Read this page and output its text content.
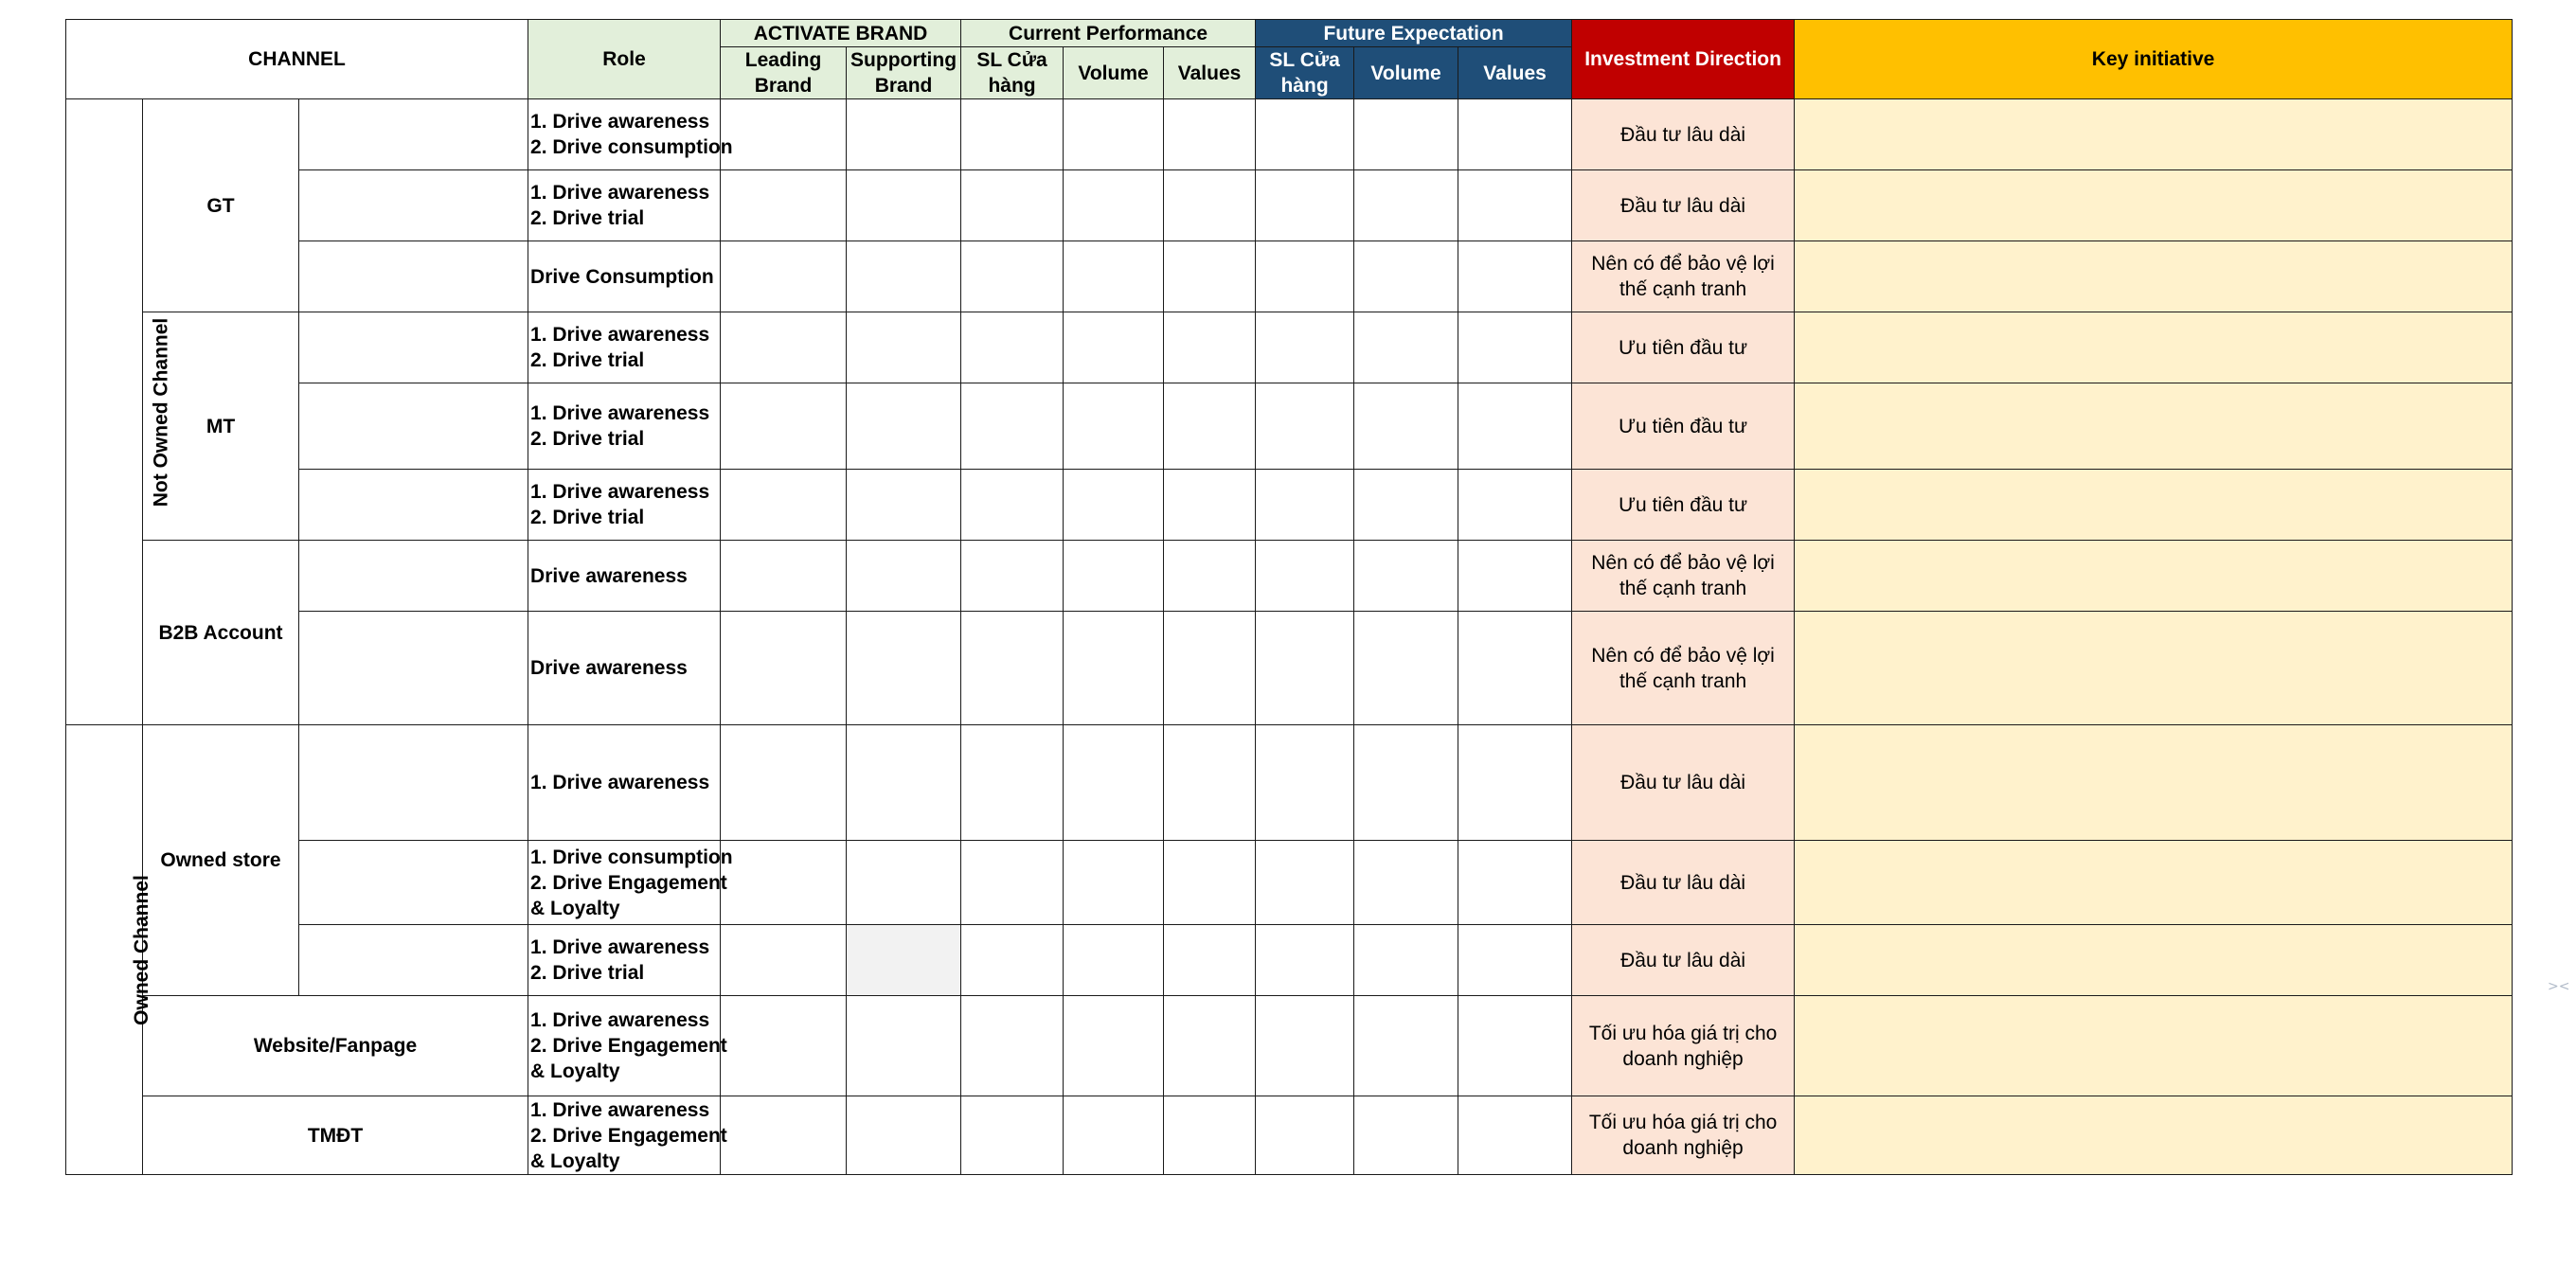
CHANNEL			Role	ACTIVATE BRAND		Current Performance			Future Expectation			Investment Direction	Key initiative
				Leading Brand	Supporting Brand	SL Cửa hàng	Volume	Values	SL Cửa hàng	Volume	Values		
Not Owned Channel	GT		1. Drive awareness
2. Drive consumption									Đầu tư lâu dài	

			1. Drive awareness
2. Drive trial									Đầu tư lâu dài	

			Drive Consumption									Nên có để bảo vệ lợi thế cạnh tranh	
	MT		1. Drive awareness
2. Drive trial									Ưu tiên đầu tư	

			1. Drive awareness
2. Drive trial									Ưu tiên đầu tư	

			1. Drive awareness
2. Drive trial									Ưu tiên đầu tư	
	B2B Account		Drive awareness									Nên có để bảo vệ lợi thế cạnh tranh	

			Drive awareness									Nên có để bảo vệ lợi thế cạnh tranh	
Owned Channel	Owned store		1. Drive awareness									Đầu tư lâu dài	

			1. Drive consumption
2. Drive Engagement
& Loyalty									Đầu tư lâu dài	

			1. Drive awareness
2. Drive trial									Đầu tư lâu dài	
	Website/Fanpage		1. Drive awareness
2. Drive Engagement
& Loyalty									Tối ưu hóa giá trị cho doanh nghiệp	
	TMĐT		1. Drive awareness
2. Drive Engagement
& Loyalty									Tối ưu hóa giá trị cho doanh nghiệp	
><
